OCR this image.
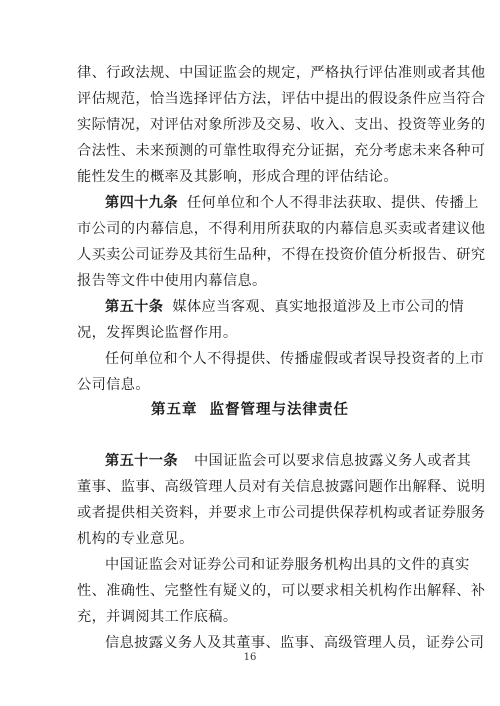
律、行政法规、中国证监会的规定，严格执行评估准则或者其他

评估规范，恰当选择评估方法，评估中提出的假设条件应当符合

实际情况，对评估对象所涉及交易、收入、支出、投资等业务的

合法性、未来预测的可靠性取得充分证据，充分考虑未来各种可

能性发生的概率及其影响，形成合理的评估结论。

第四十九条 任何单位和个人不得非法获取、提供、传播上

市公司的内幕信息，不得利用所获取的内幕信息买卖或者建议他

人买卖公司证券及其衍生品种，不得在投资价值分析报告、研究

报告等文件中使用内幕信息。

第五十条 媒体应当客观、真实地报道涉及上市公司的情

况，发挥舆论监督作用。

任何单位和个人不得提供、传播虚假或者误导投资者的上市

公司信息。

第五章 监督管理与法律责任

第五十一条 中国证监会可以要求信息披露义务人或者其

董事、监事、高级管理人员对有关信息披露问题作出解释、说明

或者提供相关资料，并要求上市公司提供保荐机构或者证券服务

机构的专业意见。

中国证监会对证券公司和证券服务机构出具的文件的真实

性、准确性、完整性有疑义的，可以要求相关机构作出解释、补

充，并调阅其工作底稿。

信息披露义务人及其董事、监事、高级管理人员，证券公司

16
